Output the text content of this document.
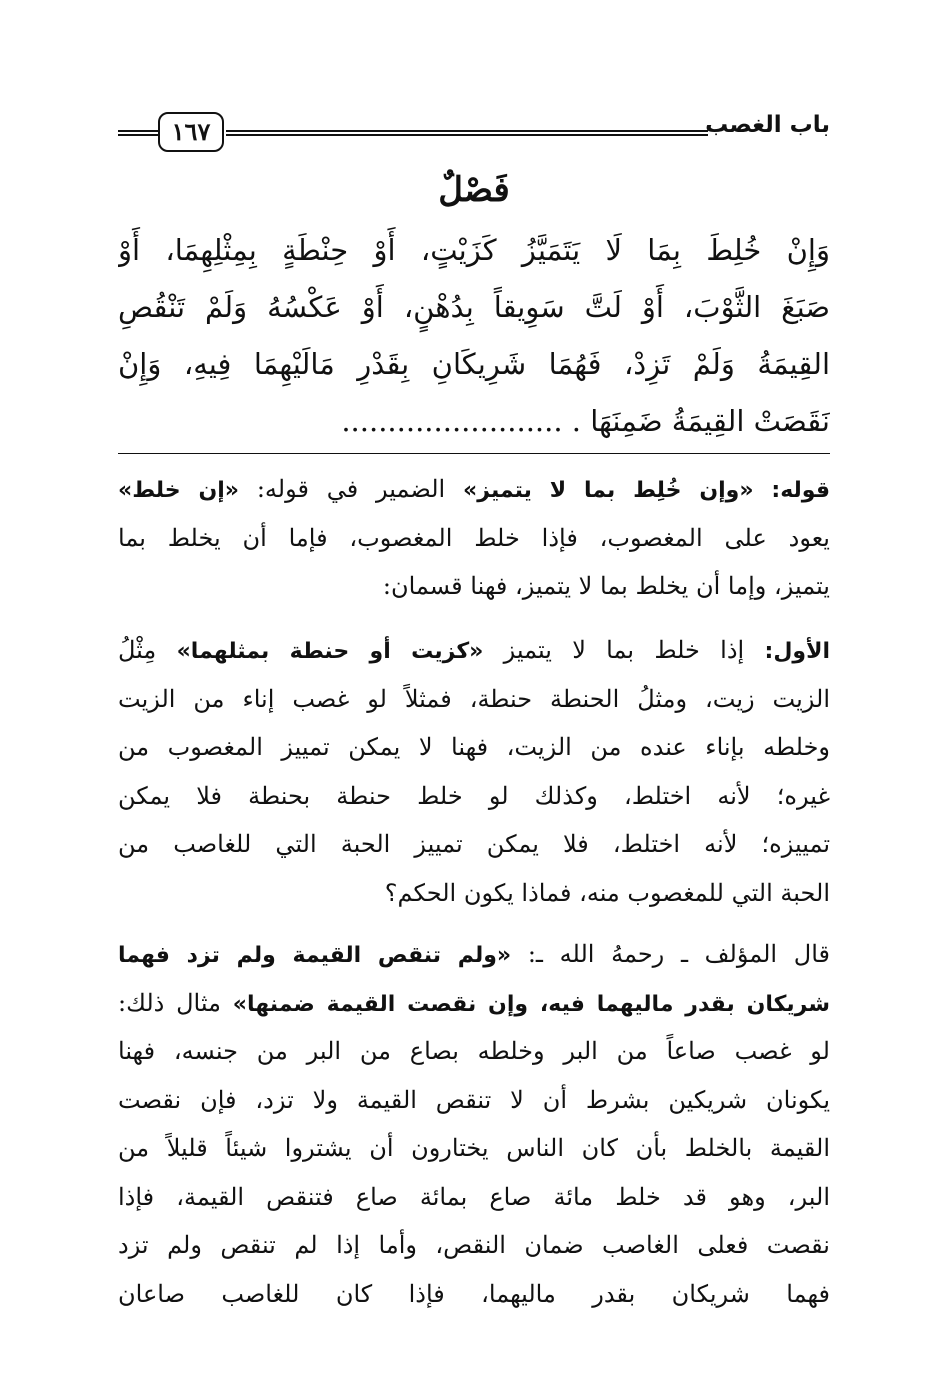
١٦٧	باب الغصب
فَصْلٌ
وَإِنْ خُلِطَ بِمَا لَا يَتَمَيَّزُ كَزَيْتٍ، أَوْ حِنْطَةٍ بِمِثْلِهِمَا، أَوْ
صَبَغَ الثَّوْبَ، أَوْ لَتَّ سَوِيقاً بِدُهْنٍ، أَوْ عَكْسُهُ وَلَمْ تَنْقُصِ
القِيمَةُ وَلَمْ تَزِدْ، فَهُمَا شَرِيكَانِ بِقَدْرِ مَالَيْهِمَا فِيهِ، وَإِنْ
نَقَصَتْ القِيمَةُ ضَمِنَهَا . ........................
قوله: «وإن خُلِط بما لا يتميز» الضمير في قوله: «إن خلط»
يعود على المغصوب، فإذا خلط المغصوب، فإما أن يخلط بما
يتميز، وإما أن يخلط بما لا يتميز، فهنا قسمان:
الأول: إذا خلط بما لا يتميز «كزيت أو حنطة بمثلهما» مِثْلُ
الزيت زيت، ومثلُ الحنطة حنطة، فمثلاً لو غصب إناء من الزيت
وخلطه بإناء عنده من الزيت، فهنا لا يمكن تمييز المغصوب من
غيره؛ لأنه اختلط، وكذلك لو خلط حنطة بحنطة فلا يمكن
تمييزه؛ لأنه اختلط، فلا يمكن تمييز الحبة التي للغاصب من
الحبة التي للمغصوب منه، فماذا يكون الحكم؟
قال المؤلف ـ رحمهُ الله ـ: «ولم تنقص القيمة ولم تزد فهما
شريكان بقدر ماليهما فيه، وإن نقصت القيمة ضمنها» مثال ذلك:
لو غصب صاعاً من البر وخلطه بصاع من البر من جنسه، فهنا
يكونان شريكين بشرط أن لا تنقص القيمة ولا تزد، فإن نقصت
القيمة بالخلط بأن كان الناس يختارون أن يشتروا شيئاً قليلاً من
البر، وهو قد خلط مائة صاع بمائة صاع فتنقص القيمة، فإذا
نقصت فعلى الغاصب ضمان النقص، وأما إذا لم تنقص ولم تزد
فهما شريكان بقدر ماليهما، فإذا كان للغاصب صاعان
